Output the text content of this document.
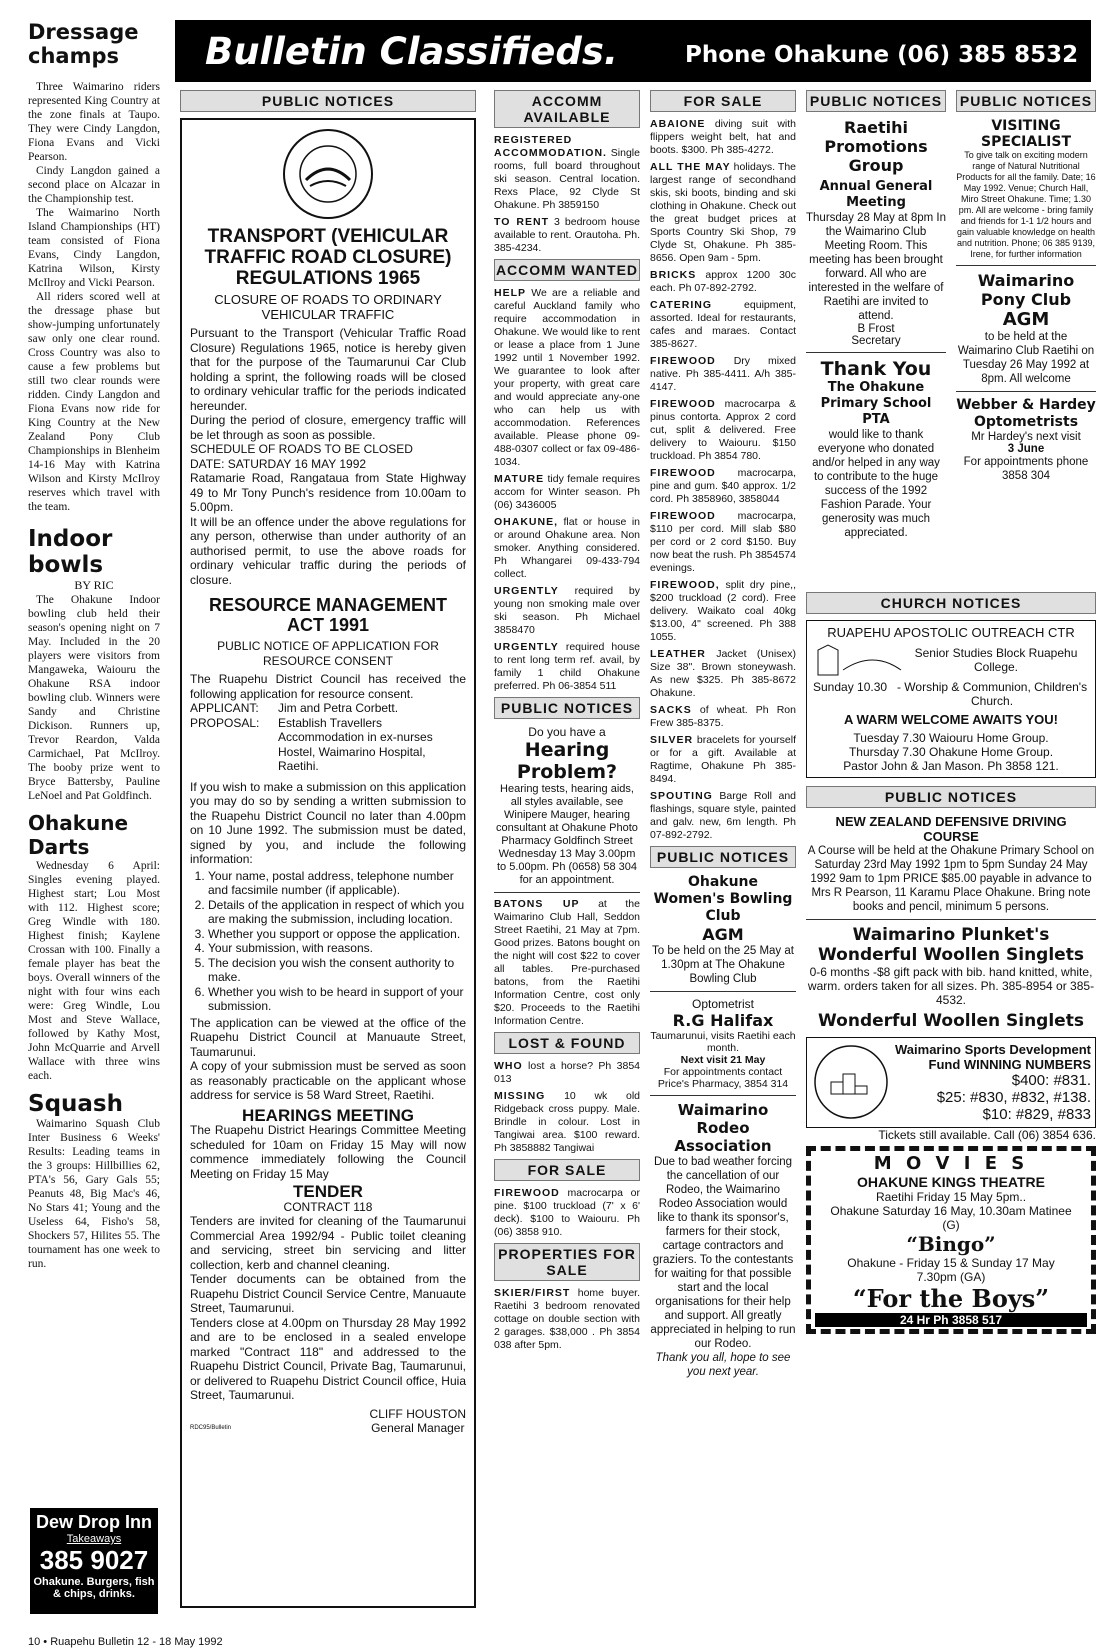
Dressage champs

Three Waimarino riders represented King Country at the zone finals at Taupo. They were Cindy Langdon, Fiona Evans and Vicki Pearson.

Cindy Langdon gained a second place on Alcazar in the Championship test.

The Waimarino North Island Championships (HT) team consisted of Fiona Evans, Cindy Langdon, Katrina Wilson, Kirsty McIlroy and Vicki Pearson.

All riders scored well at the dressage phase but show-jumping unfortunately saw only one clear round. Cross Country was also to cause a few problems but still two clear rounds were ridden. Cindy Langdon and Fiona Evans now ride for King Country at the New Zealand Pony Club Championships in Blenheim 14-16 May with Katrina Wilson and Kirsty McIlroy reserves which travel with the team.

Indoor bowls
BY RIC

The Ohakune Indoor bowling club held their season's opening night on 7 May. Included in the 20 players were visitors from Mangaweka, Waiouru the Ohakune RSA indoor bowling club. Winners were Sandy and Christine Dickison. Runners up, Trevor Reardon, Valda Carmichael, Pat McIlroy. The booby prize went to Bryce Battersby, Pauline LeNoel and Pat Goldfinch.

Ohakune Darts

Wednesday 6 April: Singles evening played. Highest start; Lou Most with 112. Highest score; Greg Windle with 180. Highest finish; Kaylene Crossan with 100. Finally a female player has beat the boys. Overall winners of the night with four wins each were: Greg Windle, Lou Most and Steve Wallace, followed by Kathy Most, John McQuarrie and Arvell Wallace with three wins each.

Squash

Waimarino Squash Club Inter Business 6 Weeks' Results: Leading teams in the 3 groups: Hillbillies 62, PTA's 56, Gary Gals 55; Peanuts 48, Big Mac's 46, No Stars 41; Young and the Useless 64, Fisho's 58, Shockers 57, Hilites 55. The tournament has one week to run.

Dew Drop Inn
Takeaways
385 9027
Ohakune. Burgers, fish & chips, drinks.
10 • Ruapehu Bulletin 12 - 18 May 1992
Bulletin Classifieds.	Phone Ohakune (06) 385 8532
PUBLIC NOTICES
TRANSPORT (VEHICULAR TRAFFIC ROAD CLOSURE) REGULATIONS 1965
CLOSURE OF ROADS TO ORDINARY VEHICULAR TRAFFIC
Pursuant to the Transport (Vehicular Traffic Road Closure) Regulations 1965, notice is hereby given that for the purpose of the Taumarunui Car Club holding a sprint, the following roads will be closed to ordinary vehicular traffic for the periods indicated hereunder.
During the period of closure, emergency traffic will be let through as soon as possible.
SCHEDULE OF ROADS TO BE CLOSED
DATE: SATURDAY 16 MAY 1992
Ratamarie Road, Rangataua from State Highway 49 to Mr Tony Punch's residence from 10.00am to 5.00pm.
It will be an offence under the above regulations for any person, otherwise than under authority of an authorised permit, to use the above roads for ordinary vehicular traffic during the periods of closure.
RESOURCE MANAGEMENT ACT 1991
PUBLIC NOTICE OF APPLICATION FOR RESOURCE CONSENT
The Ruapehu District Council has received the following application for resource consent.
APPLICANT:	Jim and Petra Corbett.
PROPOSAL:	Establish Travellers Accommodation in ex-nurses Hostel, Waimarino Hospital, Raetihi.
If you wish to make a submission on this application you may do so by sending a written submission to the Ruapehu District Council no later than 4.00pm on 10 June 1992. The submission must be dated, signed by you, and include the following information:
1. Your name, postal address, telephone number and facsimile number (if applicable).
2. Details of the application in respect of which you are making the submission, including location.
3. Whether you support or oppose the application.
4. Your submission, with reasons.
5. The decision you wish the consent authority to make.
6. Whether you wish to be heard in support of your submission.
The application can be viewed at the office of the Ruapehu District Council at Manuaute Street, Taumarunui.
A copy of your submission must be served as soon as reasonably practicable on the applicant whose address for service is 58 Ward Street, Raetihi.
HEARINGS MEETING
The Ruapehu District Hearings Committee Meeting scheduled for 10am on Friday 15 May will now commence immediately following the Council Meeting on Friday 15 May
TENDER
CONTRACT 118
Tenders are invited for cleaning of the Taumarunui Commercial Area 1992/94 - Public toilet cleaning and servicing, street bin servicing and litter collection, kerb and channel cleaning.
Tender documents can be obtained from the Ruapehu District Council Service Centre, Manuaute Street, Taumarunui.
Tenders close at 4.00pm on Thursday 28 May 1992 and are to be enclosed in a sealed envelope marked "Contract 118" and addressed to the Ruapehu District Council, Private Bag, Taumarunui, or delivered to Ruapehu District Council office, Huia Street, Taumarunui.
RDC95/Bulletin
CLIFF HOUSTON
General Manager
ACCOMM AVAILABLE
REGISTERED ACCOMMODATION. Single rooms, full board throughout ski season. Central location. Rexs Place, 92 Clyde St Ohakune. Ph 3859150
TO RENT 3 bedroom house available to rent. Orautoha. Ph. 385-4234.
ACCOMM WANTED
HELP We are a reliable and careful Auckland family who require accommodation in Ohakune. We would like to rent or lease a place from 1 June 1992 until 1 November 1992. We guarantee to look after your property, with great care and would appreciate any-one who can help us with accommodation. References available. Please phone 09-488-0307 collect or fax 09-486-1034.
MATURE tidy female requires accom for Winter season. Ph (06) 3436005
OHAKUNE, flat or house in or around Ohakune area. Non smoker. Anything considered. Ph Whangarei 09-433-794 collect.
URGENTLY required by young non smoking male over ski season. Ph Michael 3858470
URGENTLY required house to rent long term ref. avail, by family 1 child Ohakune preferred. Ph 06-3854 511
PUBLIC NOTICES
Do you have a
Hearing Problem?
Hearing tests, hearing aids, all styles available, see Winipere Mauger, hearing consultant at Ohakune Photo Pharmacy Goldfinch Street Wednesday 13 May 3.00pm to 5.00pm. Ph (0658) 58 304 for an appointment.
BATONS UP at the Waimarino Club Hall, Seddon Street Raetihi, 21 May at 7pm. Good prizes. Batons bought on the night will cost $22 to cover all tables. Pre-purchased batons, from the Raetihi Information Centre, cost only $20. Proceeds to the Raetihi Information Centre.
LOST & FOUND
WHO lost a horse? Ph 3854 013
MISSING 10 wk old Ridgeback cross puppy. Male. Brindle in colour. Lost in Tangiwai area. $100 reward. Ph 3858882 Tangiwai
FOR SALE
FIREWOOD macrocarpa or pine. $100 truckload (7' x 6' deck). $100 to Waiouru. Ph (06) 3858 910.
PROPERTIES FOR SALE
SKIER/FIRST home buyer. Raetihi 3 bedroom renovated cottage on double section with 2 garages. $38,000 . Ph 3854 038 after 5pm.
FOR SALE
ABAIONE diving suit with flippers weight belt, hat and boots. $300. Ph 385-4272.
ALL THE MAY holidays. The largest range of secondhand skis, ski boots, binding and ski clothing in Ohakune. Check out the great budget prices at Sports Country Ski Shop, 79 Clyde St, Ohakune. Ph 385-8656. Open 9am - 5pm.
BRICKS approx 1200 30c each. Ph 07-892-2792.
CATERING	equipment, assorted. Ideal for restaurants, cafes and maraes. Contact 385-8627.
FIREWOOD Dry mixed native. Ph 385-4411. A/h 385-4147.
FIREWOOD macrocarpa & pinus contorta. Approx 2 cord cut, split & delivered. Free delivery to Waiouru. $150 truckload. Ph 3854 780.
FIREWOOD macrocarpa, pine and gum. $40 approx. 1/2 cord. Ph 3858960, 3858044
FIREWOOD macrocarpa, $110 per cord. Mill slab $80 per cord or 2 cord $150. Buy now beat the rush. Ph 3854574 evenings.
FIREWOOD, split dry pine,, $200 truckload (2 cord). Free delivery. Waikato coal 40kg $13.00, 4" screened. Ph 388 1055.
LEATHER Jacket (Unisex) Size 38". Brown stoneywash. As new $325. Ph 385-8672 Ohakune.
SACKS of wheat. Ph Ron Frew 385-8375.
SILVER bracelets for yourself or for a gift. Available at Ragtime, Ohakune Ph 385-8494.
SPOUTING Barge Roll and flashings, square style, painted and galv. new, 6m length. Ph 07-892-2792.
PUBLIC NOTICES
Ohakune Women's Bowling Club
AGM
To be held on the 25 May at 1.30pm at The Ohakune Bowling Club
Optometrist
R.G Halifax
Taumarunui, visits Raetihi each month.
Next visit 21 May
For appointments contact Price's Pharmacy, 3854 314
Waimarino Rodeo Association
Due to bad weather forcing the cancellation of our Rodeo, the Waimarino Rodeo Association would like to thank its sponsor's, farmers for their stock, cartage contractors and graziers. To the contestants for waiting for that possible start and the local organisations for their help and support. All greatly appreciated in helping to run our Rodeo.
Thank you all, hope to see you next year.
PUBLIC NOTICES
Raetihi Promotions Group
Annual General Meeting
Thursday 28 May at 8pm In the Waimarino Club Meeting Room. This meeting has been brought forward. All who are interested in the welfare of Raetihi are invited to attend.
B Frost
Secretary
Thank You
The Ohakune Primary School PTA
would like to thank everyone who donated and/or helped in any way to contribute to the huge success of the 1992 Fashion Parade. Your generosity was much appreciated.
PUBLIC NOTICES
VISITING SPECIALIST
To give talk on exciting modern range of Natural Nutritional Products for all the family. Date; 16 May 1992. Venue; Church Hall, Miro Street Ohakune. Time; 1.30 pm. All are welcome - bring family and friends for 1-1 1/2 hours and gain valuable knowledge on health and nutrition. Phone; 06 385 9139, Irene, for further information
Waimarino Pony Club
AGM
to be held at the Waimarino Club Raetihi on Tuesday 26 May 1992 at 8pm. All welcome
Webber & Hardey Optometrists
Mr Hardey's next visit
3 June
For appointments phone 3858 304
CHURCH NOTICES
RUAPEHU APOSTOLIC OUTREACH CTR
Senior Studies Block Ruapehu College.
Sunday 10.30 - Worship & Communion, Children's Church.
A WARM WELCOME AWAITS YOU!
Tuesday 7.30 Waiouru Home Group.
Thursday 7.30 Ohakune Home Group.
Pastor John & Jan Mason. Ph 3858 121.
PUBLIC NOTICES
NEW ZEALAND DEFENSIVE DRIVING COURSE
A Course will be held at the Ohakune Primary School on Saturday 23rd May 1992 1pm to 5pm Sunday 24 May 1992 9am to 1pm PRICE $85.00 payable in advance to Mrs R Pearson, 11 Karamu Place Ohakune. Bring note books and pencil, minimum 5 persons.
Waimarino Plunket's Wonderful Woollen Singlets
0-6 months -$8 gift pack with bib. hand knitted, white, warm. orders taken for all sizes. Ph. 385-8954 or 385-4532.
Wonderful Woollen Singlets
Waimarino Sports Development Fund WINNING NUMBERS
$400: #831.
$25: #830, #832, #138.
$10: #829, #833
Tickets still available. Call (06) 3854 636.
M O V I E S
OHAKUNE KINGS THEATRE
Raetihi Friday 15 May 5pm..
Ohakune Saturday 16 May, 10.30am Matinee
(G)
“Bingo”
Ohakune - Friday 15 & Sunday 17 May
7.30pm (GA)
“For the Boys”
24 Hr Ph 3858 517
